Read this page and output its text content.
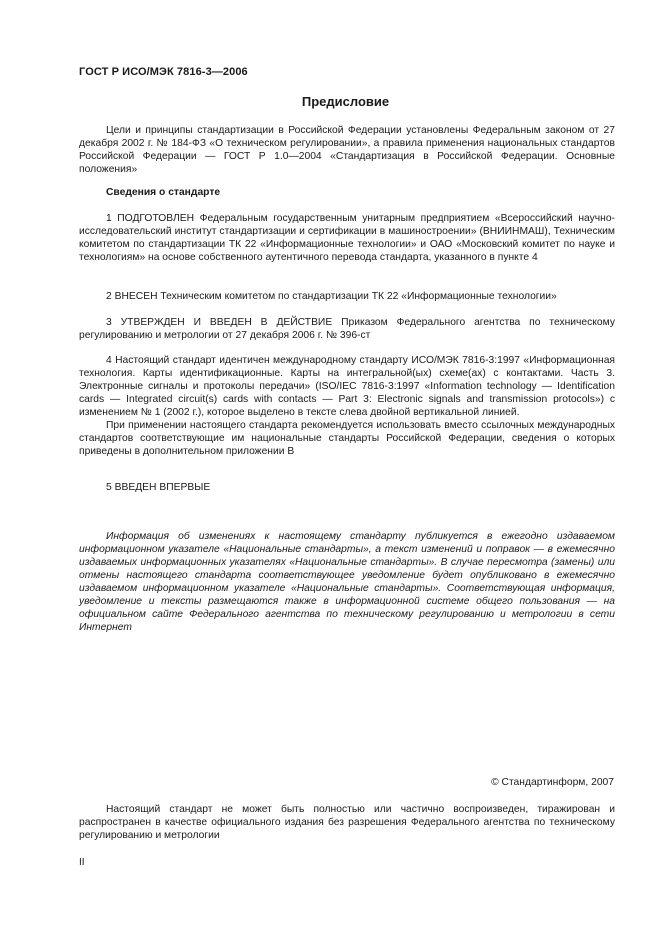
ГОСТ Р ИСО/МЭК 7816-3—2006
Предисловие

Цели и принципы стандартизации в Российской Федерации установлены Федеральным законом от 27 декабря 2002 г. № 184-ФЗ «О техническом регулировании», а правила применения национальных стандартов Российской Федерации — ГОСТ Р 1.0—2004 «Стандартизация в Российской Федерации. Основные положения»

Сведения о стандарте

1 ПОДГОТОВЛЕН Федеральным государственным унитарным предприятием «Всероссийский научно-исследовательский институт стандартизации и сертификации в машиностроении» (ВНИИНМАШ), Техническим комитетом по стандартизации ТК 22 «Информационные технологии» и ОАО «Московский комитет по науке и технологиям» на основе собственного аутентичного перевода стандарта, указанного в пункте 4

2 ВНЕСЕН Техническим комитетом по стандартизации ТК 22 «Информационные технологии»

3 УТВЕРЖДЕН И ВВЕДЕН В ДЕЙСТВИЕ Приказом Федерального агентства по техническому регулированию и метрологии от 27 декабря 2006 г. № 396-ст

4 Настоящий стандарт идентичен международному стандарту ИСО/МЭК 7816-3:1997 «Информационная технология. Карты идентификационные. Карты на интегральной(ых) схеме(ах) с контактами. Часть 3. Электронные сигналы и протоколы передачи» (ISO/IEC 7816-3:1997 «Information technology — Identification cards — Integrated circuit(s) cards with contacts — Part 3: Electronic signals and transmission protocols») с изменением № 1 (2002 г.), которое выделено в тексте слева двойной вертикальной линией.

При применении настоящего стандарта рекомендуется использовать вместо ссылочных международных стандартов соответствующие им национальные стандарты Российской Федерации, сведения о которых приведены в дополнительном приложении В

5 ВВЕДЕН ВПЕРВЫЕ

Информация об изменениях к настоящему стандарту публикуется в ежегодно издаваемом информационном указателе «Национальные стандарты», а текст изменений и поправок — в ежемесячно издаваемых информационных указателях «Национальные стандарты». В случае пересмотра (замены) или отмены настоящего стандарта соответствующее уведомление будет опубликовано в ежемесячно издаваемом информационном указателе «Национальные стандарты». Соответствующая информация, уведомление и тексты размещаются также в информационной системе общего пользования — на официальном сайте Федерального агентства по техническому регулированию и метрологии в сети Интернет

© Стандартинформ, 2007

Настоящий стандарт не может быть полностью или частично воспроизведен, тиражирован и распространен в качестве официального издания без разрешения Федерального агентства по техническому регулированию и метрологии

II
